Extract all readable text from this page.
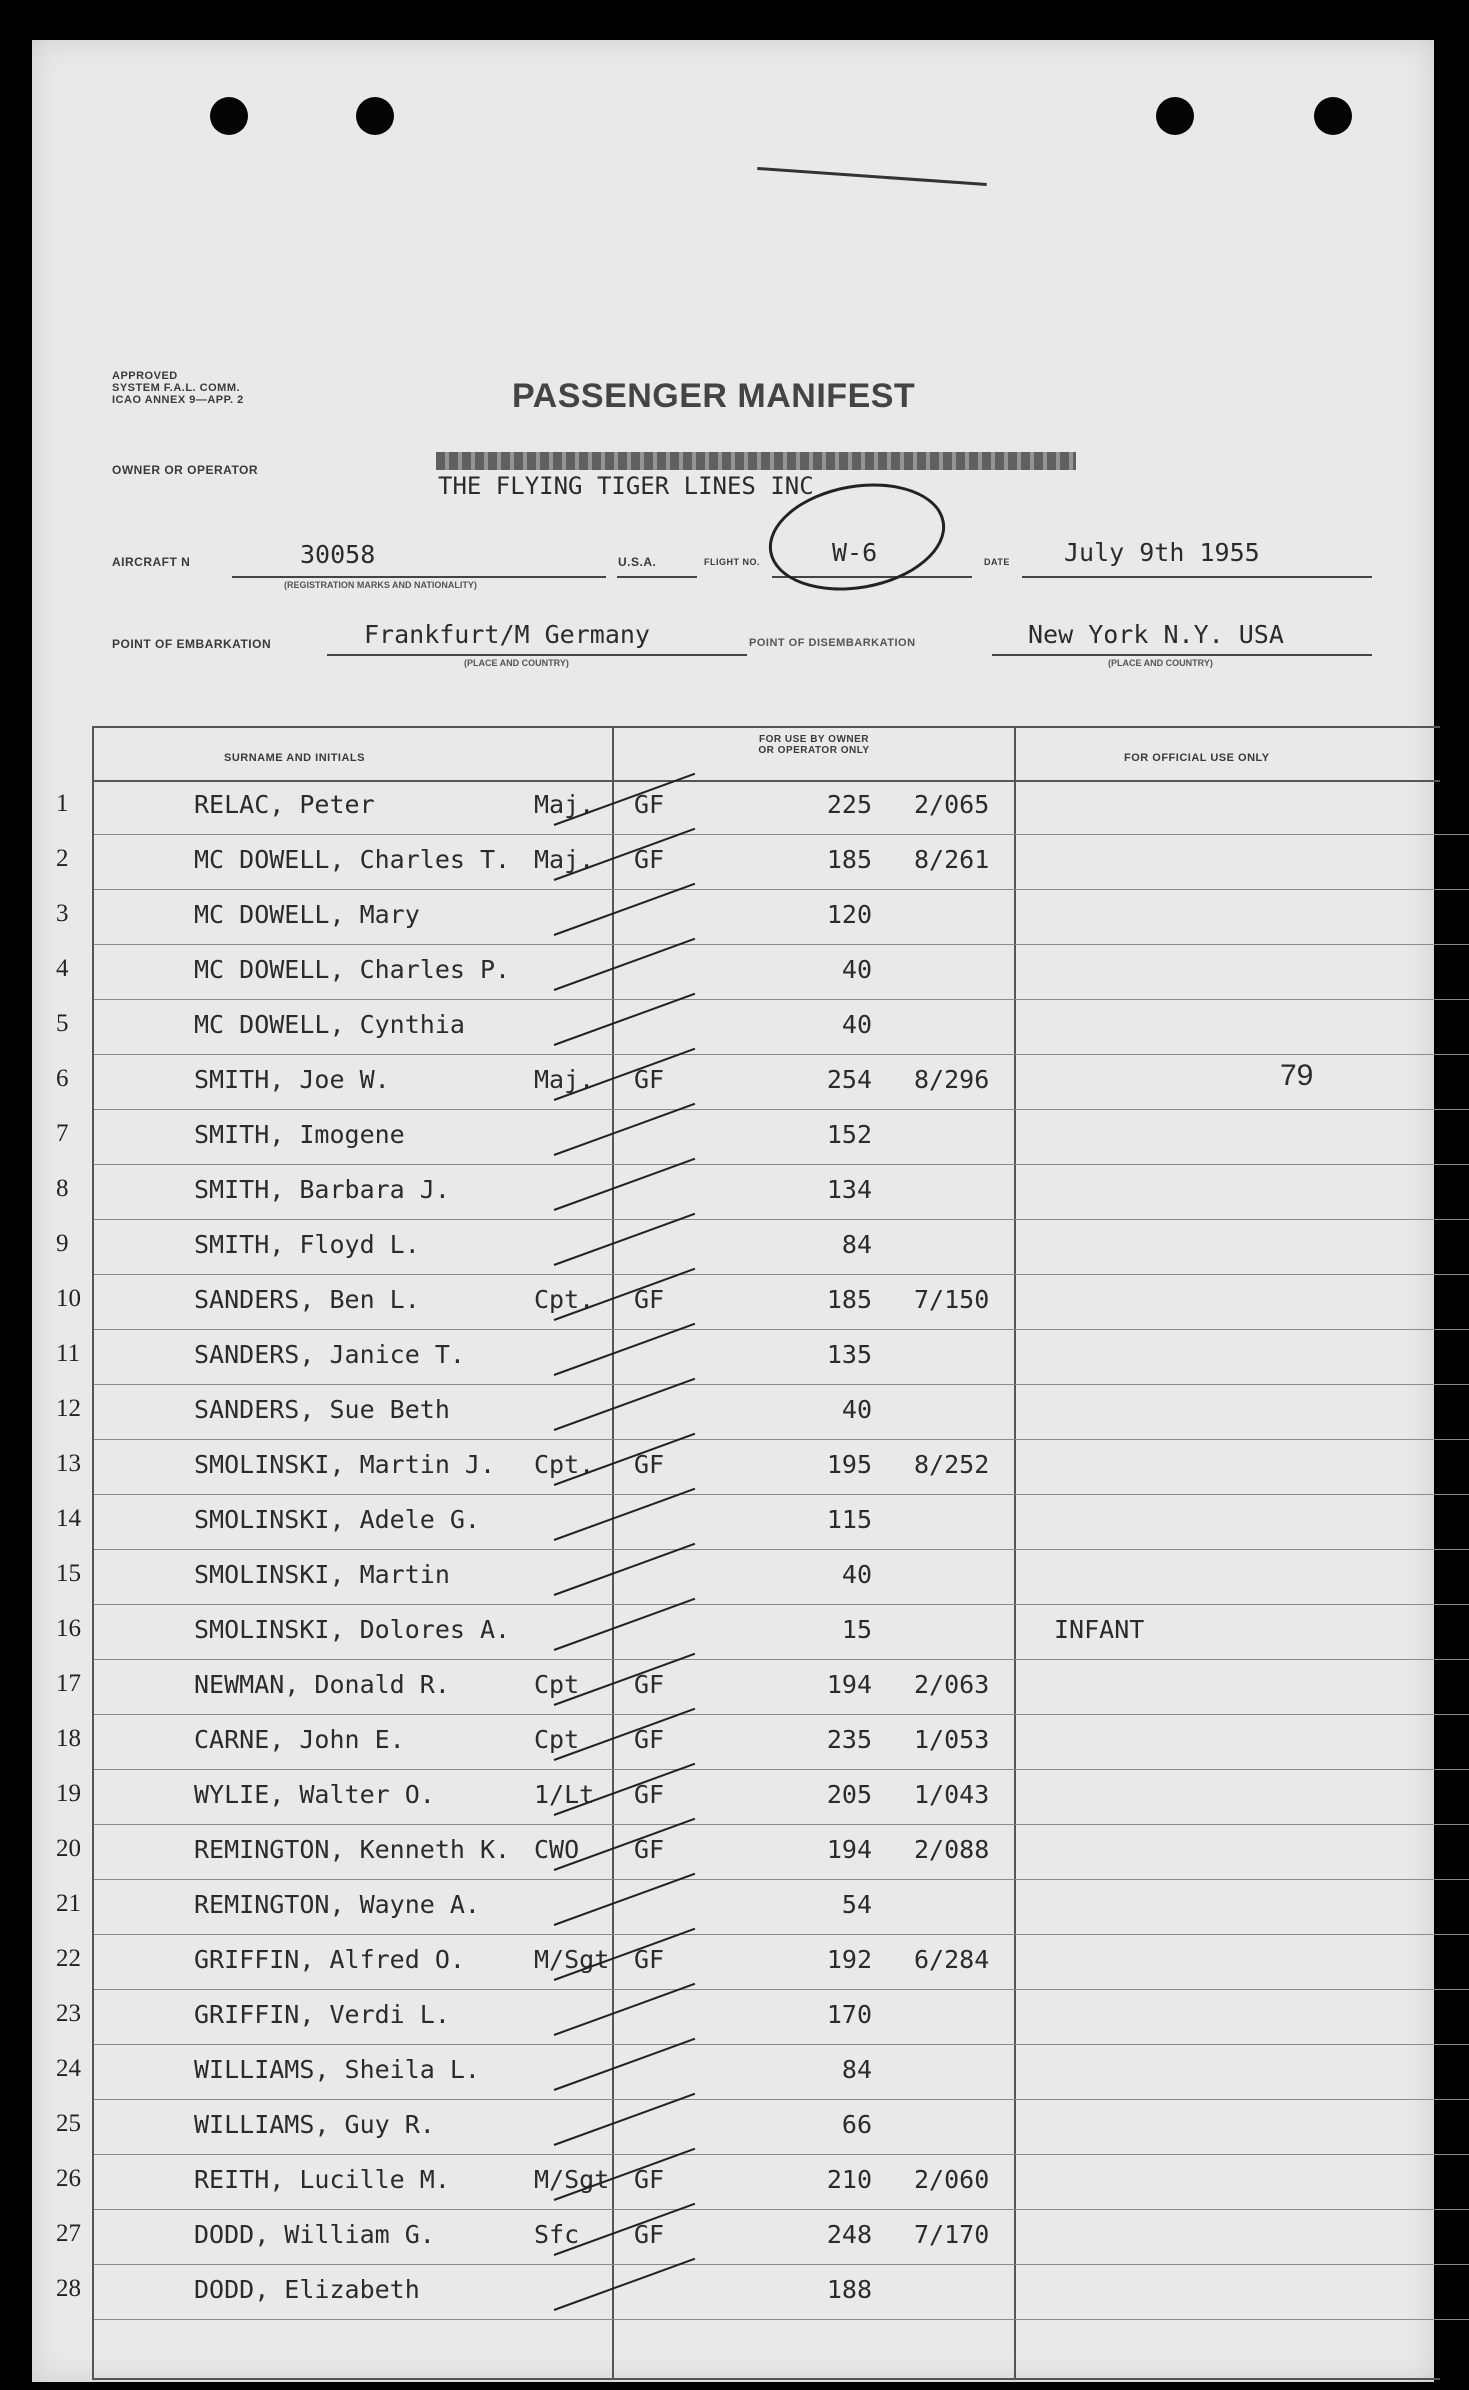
APPROVED
SYSTEM F.A.L. COMM.
ICAO ANNEX 9—APP. 2	PASSENGER MANIFEST
OWNER OR OPERATOR
THE FLYING TIGER LINES INC
AIRCRAFT N	30058
(REGISTRATION MARKS AND NATIONALITY)
U.S.A.	FLIGHT NO.	W-6	DATE July 9th 1955
POINT OF EMBARKATION	Frankfurt/M Germany
(PLACE AND COUNTRY)
POINT OF DISEMBARKATION	New York N.Y. USA
(PLACE AND COUNTRY)
SURNAME AND INITIALS
FOR USE BY OWNER
OR OPERATOR ONLY
FOR OFFICIAL USE ONLY
1	RELAC, Peter	Maj. GF	225 2/065
2	MC DOWELL, Charles T. Maj. GF	185 8/261
3	MC DOWELL, Mary	120
4	MC DOWELL, Charles P.	40
5	MC DOWELL, Cynthia	40
6	SMITH, Joe W.	Maj. GF	254 8/296	79
7	SMITH, Imogene	152
8	SMITH, Barbara J.	134
9	SMITH, Floyd L.	84
10	SANDERS, Ben L.	Cpt. GF	185 7/150
11	SANDERS, Janice T.	135
12	SANDERS, Sue Beth	40
13	SMOLINSKI, Martin J. Cpt. GF	195 8/252
14	SMOLINSKI, Adele G.	115
15	SMOLINSKI, Martin	40
16	SMOLINSKI, Dolores A.	15	INFANT
17	NEWMAN, Donald R.	Cpt GF	194 2/063
18	CARNE, John E.	Cpt GF	235 1/053
19	WYLIE, Walter O.	1/Lt GF	205 1/043
20	REMINGTON, Kenneth K. CWO GF	194 2/088
21	REMINGTON, Wayne A.	54
22	GRIFFIN, Alfred O.	M/Sgt GF	192 6/284
23	GRIFFIN, Verdi L.	170
24	WILLIAMS, Sheila L.	84
25	WILLIAMS, Guy R.	66
26	REITH, Lucille M.	M/Sgt GF	210 2/060
27	DODD, William G.	Sfc GF	248 7/170
28	DODD, Elizabeth	188
